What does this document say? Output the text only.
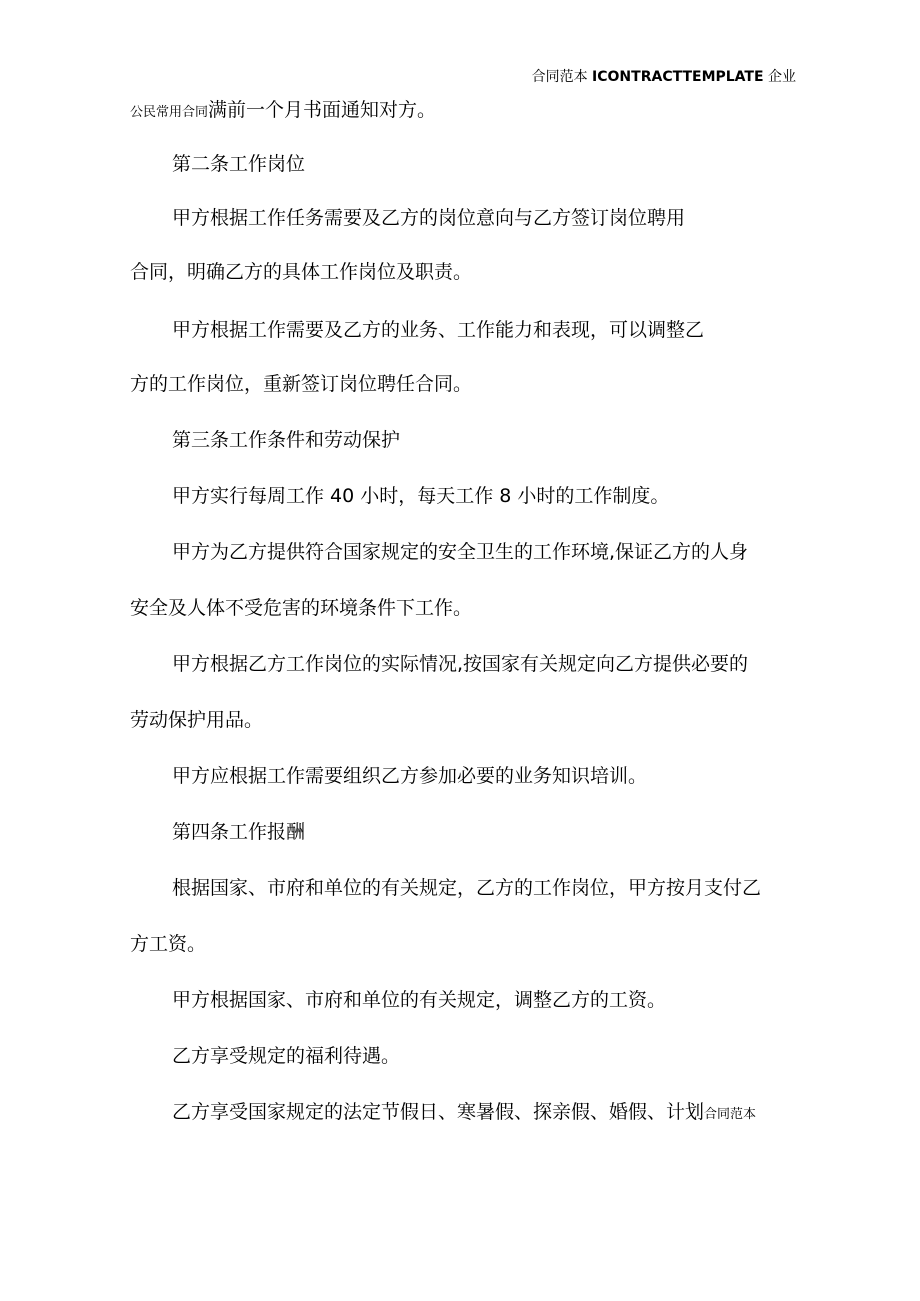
合同范本 ICONTRACTTEMPLATE 企业
公民常用合同满前一个月书面通知对方。
第二条工作岗位
甲方根据工作任务需要及乙方的岗位意向与乙方签订岗位聘用
合同，明确乙方的具体工作岗位及职责。
甲方根据工作需要及乙方的业务、工作能力和表现，可以调整乙
方的工作岗位，重新签订岗位聘任合同。
第三条工作条件和劳动保护
甲方实行每周工作 40 小时，每天工作 8 小时的工作制度。
甲方为乙方提供符合国家规定的安全卫生的工作环境,保证乙方的人身
安全及人体不受危害的环境条件下工作。
甲方根据乙方工作岗位的实际情况,按国家有关规定向乙方提供必要的
劳动保护用品。
甲方应根据工作需要组织乙方参加必要的业务知识培训。
第四条工作报酬
根据国家、市府和单位的有关规定，乙方的工作岗位，甲方按月支付乙
方工资。
甲方根据国家、市府和单位的有关规定，调整乙方的工资。
乙方享受规定的福利待遇。
乙方享受国家规定的法定节假日、寒暑假、探亲假、婚假、计划合同范本
